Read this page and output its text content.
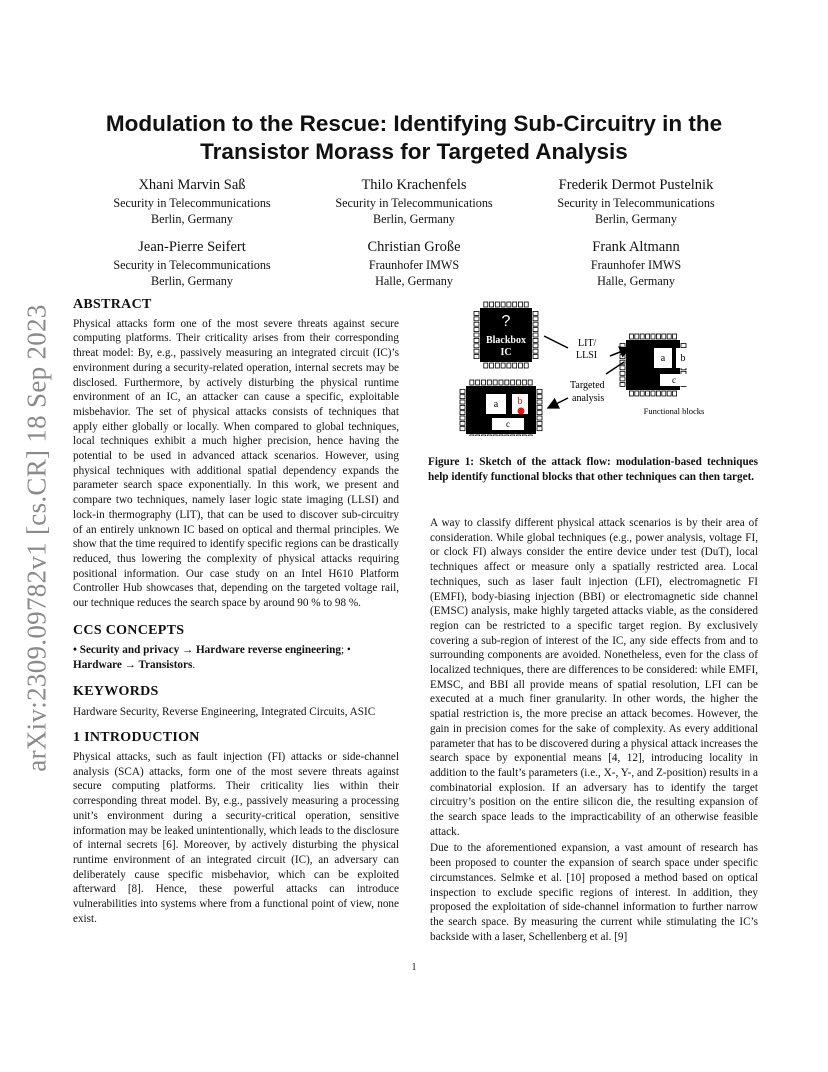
arXiv:2309.09782v1 [cs.CR] 18 Sep 2023
Modulation to the Rescue: Identifying Sub-Circuitry in the
Transistor Morass for Targeted Analysis
Xhani Marvin Saß
Security in Telecommunications
Berlin, Germany
Thilo Krachenfels
Security in Telecommunications
Berlin, Germany
Frederik Dermot Pustelnik
Security in Telecommunications
Berlin, Germany
Jean-Pierre Seifert
Security in Telecommunications
Berlin, Germany
Christian Große
Fraunhofer IMWS
Halle, Germany
Frank Altmann
Fraunhofer IMWS
Halle, Germany
ABSTRACT

Physical attacks form one of the most severe threats against secure computing platforms. Their criticality arises from their corresponding threat model: By, e.g., passively measuring an integrated circuit (IC)’s environment during a security-related operation, internal secrets may be disclosed. Furthermore, by actively disturbing the physical runtime environment of an IC, an attacker can cause a specific, exploitable misbehavior. The set of physical attacks consists of techniques that apply either globally or locally. When compared to global techniques, local techniques exhibit a much higher precision, hence having the potential to be used in advanced attack scenarios. However, using physical techniques with additional spatial dependency expands the parameter search space exponentially. In this work, we present and compare two techniques, namely laser logic state imaging (LLSI) and lock-in thermography (LIT), that can be used to discover sub-circuitry of an entirely unknown IC based on optical and thermal principles. We show that the time required to identify specific regions can be drastically reduced, thus lowering the complexity of physical attacks requiring positional information. Our case study on an Intel H610 Platform Controller Hub showcases that, depending on the targeted voltage rail, our technique reduces the search space by around 90 % to 98 %.

CCS CONCEPTS

• Security and privacy → Hardware reverse engineering; • Hardware → Transistors.

KEYWORDS

Hardware Security, Reverse Engineering, Integrated Circuits, ASIC

1 INTRODUCTION

Physical attacks, such as fault injection (FI) attacks or side-channel analysis (SCA) attacks, form one of the most severe threats against secure computing platforms. Their criticality lies within their corresponding threat model. By, e.g., passively measuring a processing unit’s environment during a security-critical operation, sensitive information may be leaked unintentionally, which leads to the disclosure of internal secrets [6]. Moreover, by actively disturbing the physical runtime environment of an integrated circuit (IC), an adversary can deliberately cause specific misbehavior, which can be exploited afterward [8]. Hence, these powerful attacks can introduce vulnerabilities into systems where from a functional point of view, none exist.

?
Blackbox
IC
a b
c
a b
c
LIT/
LLSI
Targeted
analysis
Functional blocks
Figure 1: Sketch of the attack flow: modulation-based techniques help identify functional blocks that other techniques can then target.

A way to classify different physical attack scenarios is by their area of consideration. While global techniques (e.g., power analysis, voltage FI, or clock FI) always consider the entire device under test (DuT), local techniques affect or measure only a spatially restricted area. Local techniques, such as laser fault injection (LFI), electromagnetic FI (EMFI), body-biasing injection (BBI) or electromagnetic side channel (EMSC) analysis, make highly targeted attacks viable, as the considered region can be restricted to a specific target region. By exclusively covering a sub-region of interest of the IC, any side effects from and to surrounding components are avoided. Nonetheless, even for the class of localized techniques, there are differences to be considered: while EMFI, EMSC, and BBI all provide means of spatial resolution, LFI can be executed at a much finer granularity. In other words, the higher the spatial restriction is, the more precise an attack becomes. However, the gain in precision comes for the sake of complexity. As every additional parameter that has to be discovered during a physical attack increases the search space by exponential means [4, 12], introducing locality in addition to the fault’s parameters (i.e., X-, Y-, and Z-position) results in a combinatorial explosion. If an adversary has to identify the target circuitry’s position on the entire silicon die, the resulting expansion of the search space leads to the impracticability of an otherwise feasible attack.

Due to the aforementioned expansion, a vast amount of research has been proposed to counter the expansion of search space under specific circumstances. Selmke et al. [10] proposed a method based on optical inspection to exclude specific regions of interest. In addition, they proposed the exploitation of side-channel information to further narrow the search space. By measuring the current while stimulating the IC’s backside with a laser, Schellenberg et al. [9]

1
